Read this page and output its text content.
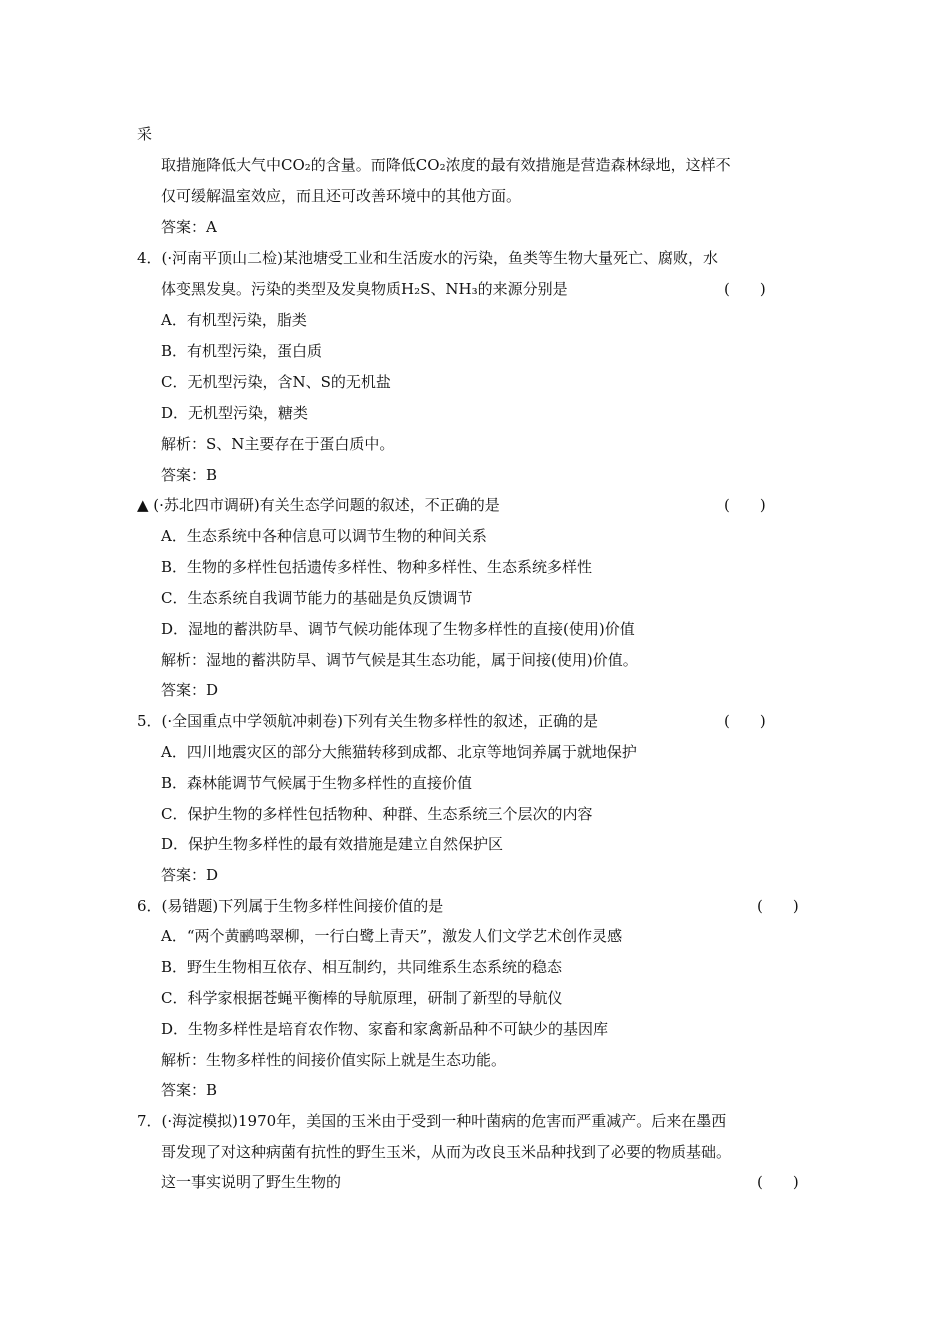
采
取措施降低大气中CO₂的含量。而降低CO₂浓度的最有效措施是营造森林绿地，这样不
仅可缓解温室效应，而且还可改善环境中的其他方面。
答案：A
4．(·河南平顶山二检)某池塘受工业和生活废水的污染，鱼类等生物大量死亡、腐败，水
体变黑发臭。污染的类型及发臭物质H₂S、NH₃的来源分别是	(　　)
A．有机型污染，脂类
B．有机型污染，蛋白质
C．无机型污染，含N、S的无机盐
D．无机型污染，糖类
解析：S、N主要存在于蛋白质中。
答案：B
▲ (·苏北四市调研)有关生态学问题的叙述，不正确的是	(　　)
A．生态系统中各种信息可以调节生物的种间关系
B．生物的多样性包括遗传多样性、物种多样性、生态系统多样性
C．生态系统自我调节能力的基础是负反馈调节
D．湿地的蓄洪防旱、调节气候功能体现了生物多样性的直接(使用)价值
解析：湿地的蓄洪防旱、调节气候是其生态功能，属于间接(使用)价值。
答案：D
5．(·全国重点中学领航冲刺卷)下列有关生物多样性的叙述，正确的是	(　　)
A．四川地震灾区的部分大熊猫转移到成都、北京等地饲养属于就地保护
B．森林能调节气候属于生物多样性的直接价值
C．保护生物的多样性包括物种、种群、生态系统三个层次的内容
D．保护生物多样性的最有效措施是建立自然保护区
答案：D
6．(易错题)下列属于生物多样性间接价值的是	(　　)
A．“两个黄鹂鸣翠柳，一行白鹭上青天”，激发人们文学艺术创作灵感
B．野生生物相互依存、相互制约，共同维系生态系统的稳态
C．科学家根据苍蝇平衡棒的导航原理，研制了新型的导航仪
D．生物多样性是培育农作物、家畜和家禽新品种不可缺少的基因库
解析：生物多样性的间接价值实际上就是生态功能。
答案：B
7．(·海淀模拟)1970年，美国的玉米由于受到一种叶菌病的危害而严重减产。后来在墨西
哥发现了对这种病菌有抗性的野生玉米，从而为改良玉米品种找到了必要的物质基础。
这一事实说明了野生生物的	(　　)
